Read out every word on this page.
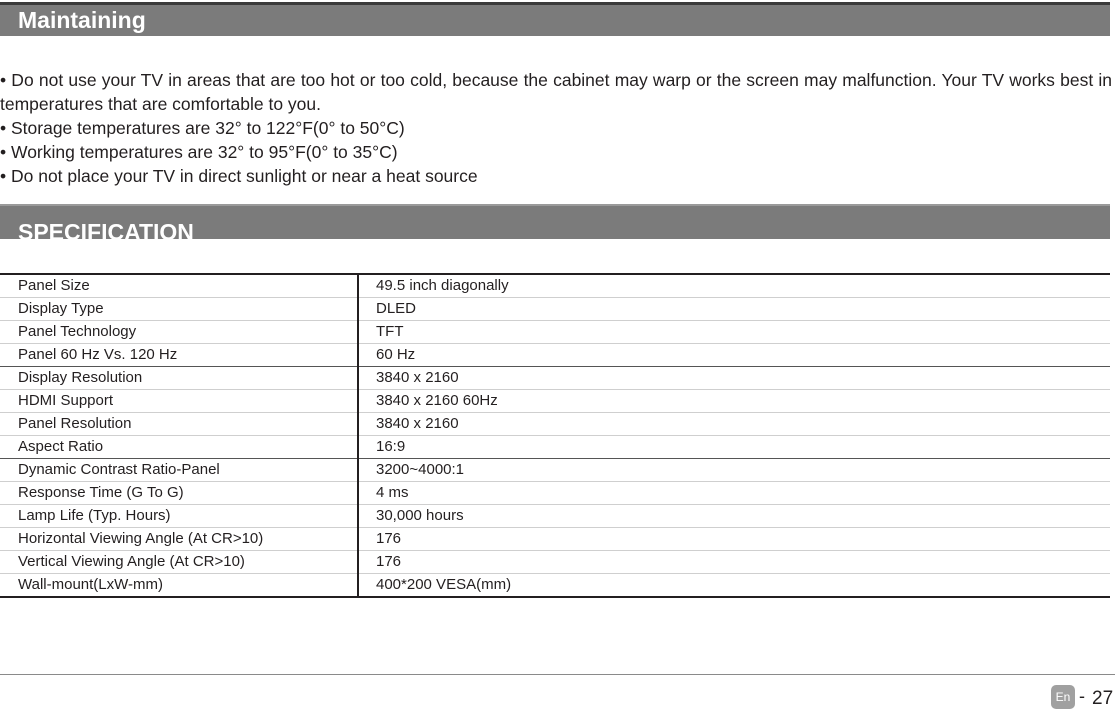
Maintaining

• Do not use your TV in areas that are too hot or too cold, because the cabinet may warp or the screen may malfunction. Your TV works best in temperatures that are comfortable to you.

• Storage temperatures are 32° to 122°F(0° to 50°C)

• Working temperatures are 32° to 95°F(0° to 35°C)

• Do not place your TV in direct sunlight or near a heat source

SPECIFICATION
Panel Size	49.5 inch diagonally
Display Type	DLED
Panel Technology	TFT
Panel 60 Hz Vs. 120 Hz	60 Hz
Display Resolution	3840 x 2160
HDMI Support	3840 x 2160 60Hz
Panel Resolution	3840 x 2160
Aspect Ratio	16:9
Dynamic Contrast Ratio-Panel	3200~4000:1
Response Time (G To G)	4 ms
Lamp Life (Typ. Hours)	30,000 hours
Horizontal Viewing Angle (At CR>10)	176
Vertical Viewing Angle (At CR>10)	176
Wall-mount(LxW-mm)	400*200 VESA(mm)
En - 27
